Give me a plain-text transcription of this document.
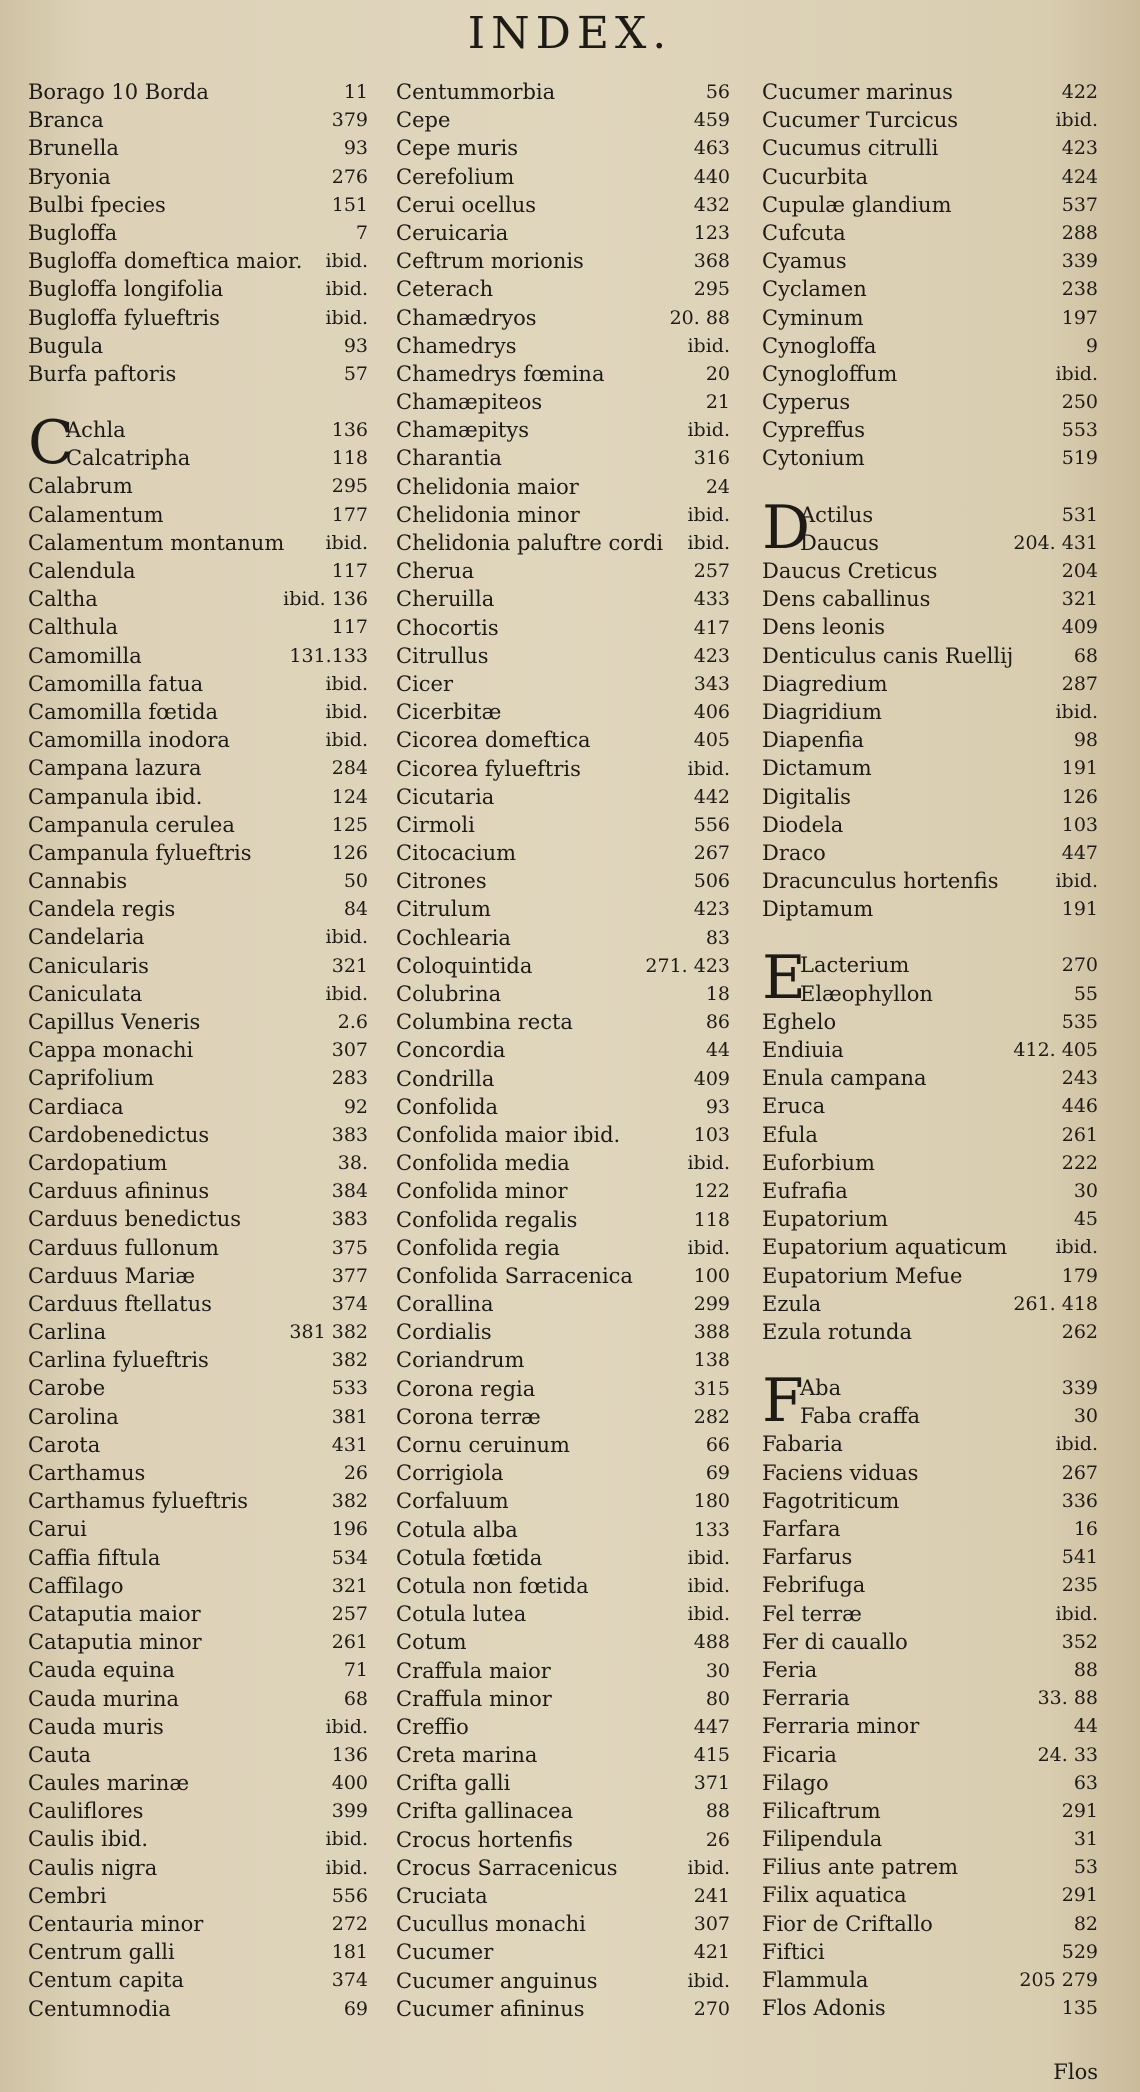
INDEX.
Borago 10 Borda	11
Branca	379
Brunella	93
Bryonia	276
Bulbi fpecies	151
Bugloffa	7
Bugloffa domeftica maior. ibid.
Bugloffa longifolia	ibid.
Bugloffa fylueftris	ibid.
Bugula	93
Burfa paftoris	57
C
Achla	136
Calcatripha	118
Calabrum	295
Calamentum	177
Calamentum montanum ibid.
Calendula	117
Caltha	ibid. 136
Calthula	117
Camomilla	131.133
Camomilla fatua	ibid.
Camomilla fœtida	ibid.
Camomilla inodora	ibid.
Campana lazura	284
Campanula ibid.	124
Campanula cerulea	125
Campanula fylueftris	126
Cannabis	50
Candela regis	84
Candelaria	ibid.
Canicularis	321
Caniculata	ibid.
Capillus Veneris	2.6
Cappa monachi	307
Caprifolium	283
Cardiaca	92
Cardobenedictus	383
Cardopatium	38.
Carduus afininus	384
Carduus benedictus	383
Carduus fullonum	375
Carduus Mariæ	377
Carduus ftellatus	374
Carlina	381 382
Carlina fylueftris	382
Carobe	533
Carolina	381
Carota	431
Carthamus	26
Carthamus fylueftris	382
Carui	196
Caffia fiftula	534
Caffilago	321
Cataputia maior	257
Cataputia minor	261
Cauda equina	71
Cauda murina	68
Cauda muris	ibid.
Cauta	136
Caules marinæ	400
Cauliflores	399
Caulis ibid.	ibid.
Caulis nigra	ibid.
Cembri	556
Centauria minor	272
Centrum galli	181
Centum capita	374
Centumnodia	69
Centummorbia	56
Cepe	459
Cepe muris	463
Cerefolium	440
Cerui ocellus	432
Ceruicaria	123
Ceftrum morionis	368
Ceterach	295
Chamædryos	20. 88
Chamedrys	ibid.
Chamedrys fœmina	20
Chamæpiteos	21
Chamæpitys	ibid.
Charantia	316
Chelidonia maior	24
Chelidonia minor	ibid.
Chelidonia paluftre cordi ibid.
Cherua	257
Cheruilla	433
Chocortis	417
Citrullus	423
Cicer	343
Cicerbitæ	406
Cicorea domeftica	405
Cicorea fylueftris	ibid.
Cicutaria	442
Cirmoli	556
Citocacium	267
Citrones	506
Citrulum	423
Cochlearia	83
Coloquintida	271. 423
Colubrina	18
Columbina recta	86
Concordia	44
Condrilla	409
Confolida	93
Confolida maior ibid.	103
Confolida media	ibid.
Confolida minor	122
Confolida regalis	118
Confolida regia	ibid.
Confolida Sarracenica	100
Corallina	299
Cordialis	388
Coriandrum	138
Corona regia	315
Corona terræ	282
Cornu ceruinum	66
Corrigiola	69
Corfaluum	180
Cotula alba	133
Cotula fœtida	ibid.
Cotula non fœtida	ibid.
Cotula lutea	ibid.
Cotum	488
Craffula maior	30
Craffula minor	80
Creffio	447
Creta marina	415
Crifta galli	371
Crifta gallinacea	88
Crocus hortenfis	26
Crocus Sarracenicus	ibid.
Cruciata	241
Cucullus monachi	307
Cucumer	421
Cucumer anguinus	ibid.
Cucumer afininus	270
Cucumer marinus	422
Cucumer Turcicus	ibid.
Cucumus citrulli	423
Cucurbita	424
Cupulæ glandium	537
Cufcuta	288
Cyamus	339
Cyclamen	238
Cyminum	197
Cynogloffa	9
Cynogloffum	ibid.
Cyperus	250
Cypreffus	553
Cytonium	519
D
Actilus	531
Daucus	204. 431
Daucus Creticus	204
Dens caballinus	321
Dens leonis	409
Denticulus canis Ruellij	68
Diagredium	287
Diagridium	ibid.
Diapenfia	98
Dictamum	191
Digitalis	126
Diodela	103
Draco	447
Dracunculus hortenfis	ibid.
Diptamum	191
E
Lacterium	270
Elæophyllon	55
Eghelo	535
Endiuia	412. 405
Enula campana	243
Eruca	446
Efula	261
Euforbium	222
Eufrafia	30
Eupatorium	45
Eupatorium aquaticum	ibid.
Eupatorium Mefue	179
Ezula	261. 418
Ezula rotunda	262
F
Aba	339
Faba craffa	30
Fabaria	ibid.
Faciens viduas	267
Fagotriticum	336
Farfara	16
Farfarus	541
Febrifuga	235
Fel terræ	ibid.
Fer di cauallo	352
Feria	88
Ferraria	33. 88
Ferraria minor	44
Ficaria	24. 33
Filago	63
Filicaftrum	291
Filipendula	31
Filius ante patrem	53
Filix aquatica	291
Fior de Criftallo	82
Fiftici	529
Flammula	205 279
Flos Adonis	135
Flos
